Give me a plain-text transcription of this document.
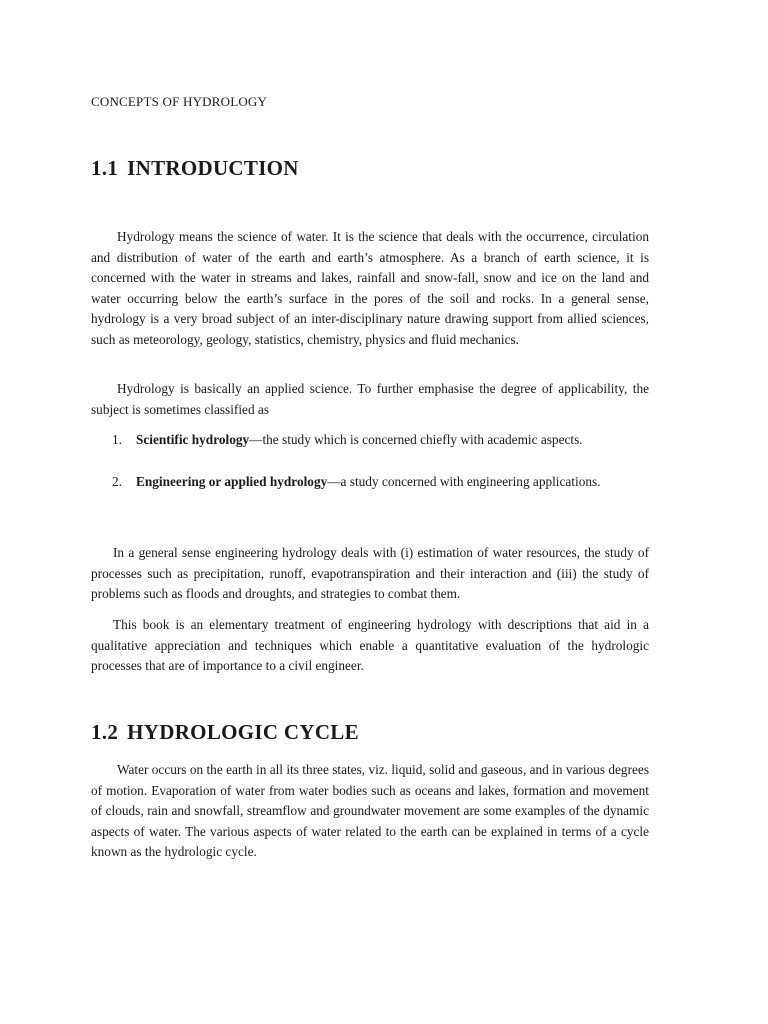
CONCEPTS OF HYDROLOGY

1.1 INTRODUCTION

Hydrology means the science of water. It is the science that deals with the occurrence, circulation and distribution of water of the earth and earth’s atmosphere. As a branch of earth science, it is concerned with the water in streams and lakes, rainfall and snow-fall, snow and ice on the land and water occurring below the earth’s surface in the pores of the soil and rocks. In a general sense, hydrology is a very broad subject of an inter-disciplinary nature drawing support from allied sciences, such as meteorology, geology, statistics, chemistry, physics and fluid mechanics.

Hydrology is basically an applied science. To further emphasise the degree of applicability, the subject is sometimes classified as

1. Scientific hydrology—the study which is concerned chiefly with academic aspects.
2. Engineering or applied hydrology—a study concerned with engineering applications.

In a general sense engineering hydrology deals with (i) estimation of water resources, the study of processes such as precipitation, runoff, evapotranspiration and their interaction and (iii) the study of problems such as floods and droughts, and strategies to combat them.

This book is an elementary treatment of engineering hydrology with descriptions that aid in a qualitative appreciation and techniques which enable a quantitative evaluation of the hydrologic processes that are of importance to a civil engineer.

1.2 HYDROLOGIC CYCLE

Water occurs on the earth in all its three states, viz. liquid, solid and gaseous, and in various degrees of motion. Evaporation of water from water bodies such as oceans and lakes, formation and movement of clouds, rain and snowfall, streamflow and groundwater movement are some examples of the dynamic aspects of water. The various aspects of water related to the earth can be explained in terms of a cycle known as the hydrologic cycle.
